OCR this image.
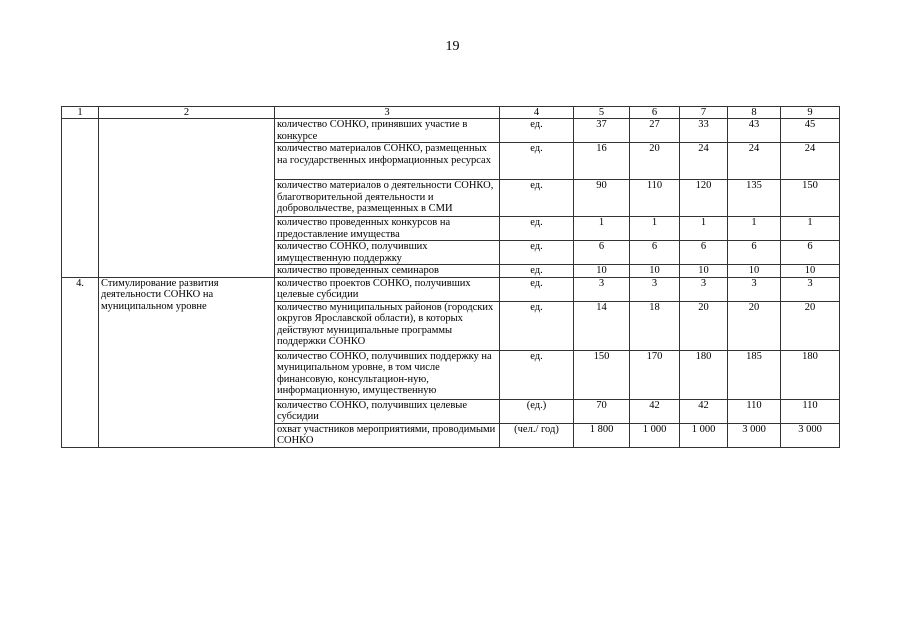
19
1	2	3	4	5	6	7	8	9
		количество СОНКО, принявших участие в конкурсе	ед.	37	27	33	43	45
		количество материалов СОНКО, размещенных на государственных информационных ресурсах	ед.	16	20	24	24	24
		количество материалов о деятельности СОНКО, благотворительной деятельности и добровольчестве, размещенных в СМИ	ед.	90	110	120	135	150
		количество проведенных конкурсов на предоставление имущества	ед.	1	1	1	1	1
		количество СОНКО, получивших имущественную поддержку	ед.	6	6	6	6	6
		количество проведенных семинаров	ед.	10	10	10	10	10
4.	Стимулирование развития деятельности СОНКО на муниципальном уровне	количество проектов СОНКО, получивших целевые субсидии	ед.	3	3	3	3	3
		количество муниципальных районов (городских округов Ярославской области), в которых действуют муниципальные программы поддержки СОНКО	ед.	14	18	20	20	20
		количество СОНКО, получивших поддержку на муниципальном уровне, в том числе финансовую, консультацион-ную, информационную, имущественную	ед.	150	170	180	185	180
		количество СОНКО, получивших целевые субсидии	(ед.)	70	42	42	110	110
		охват участников мероприятиями, проводимыми СОНКО	(чел./ год)	1 800	1 000	1 000	3 000	3 000
